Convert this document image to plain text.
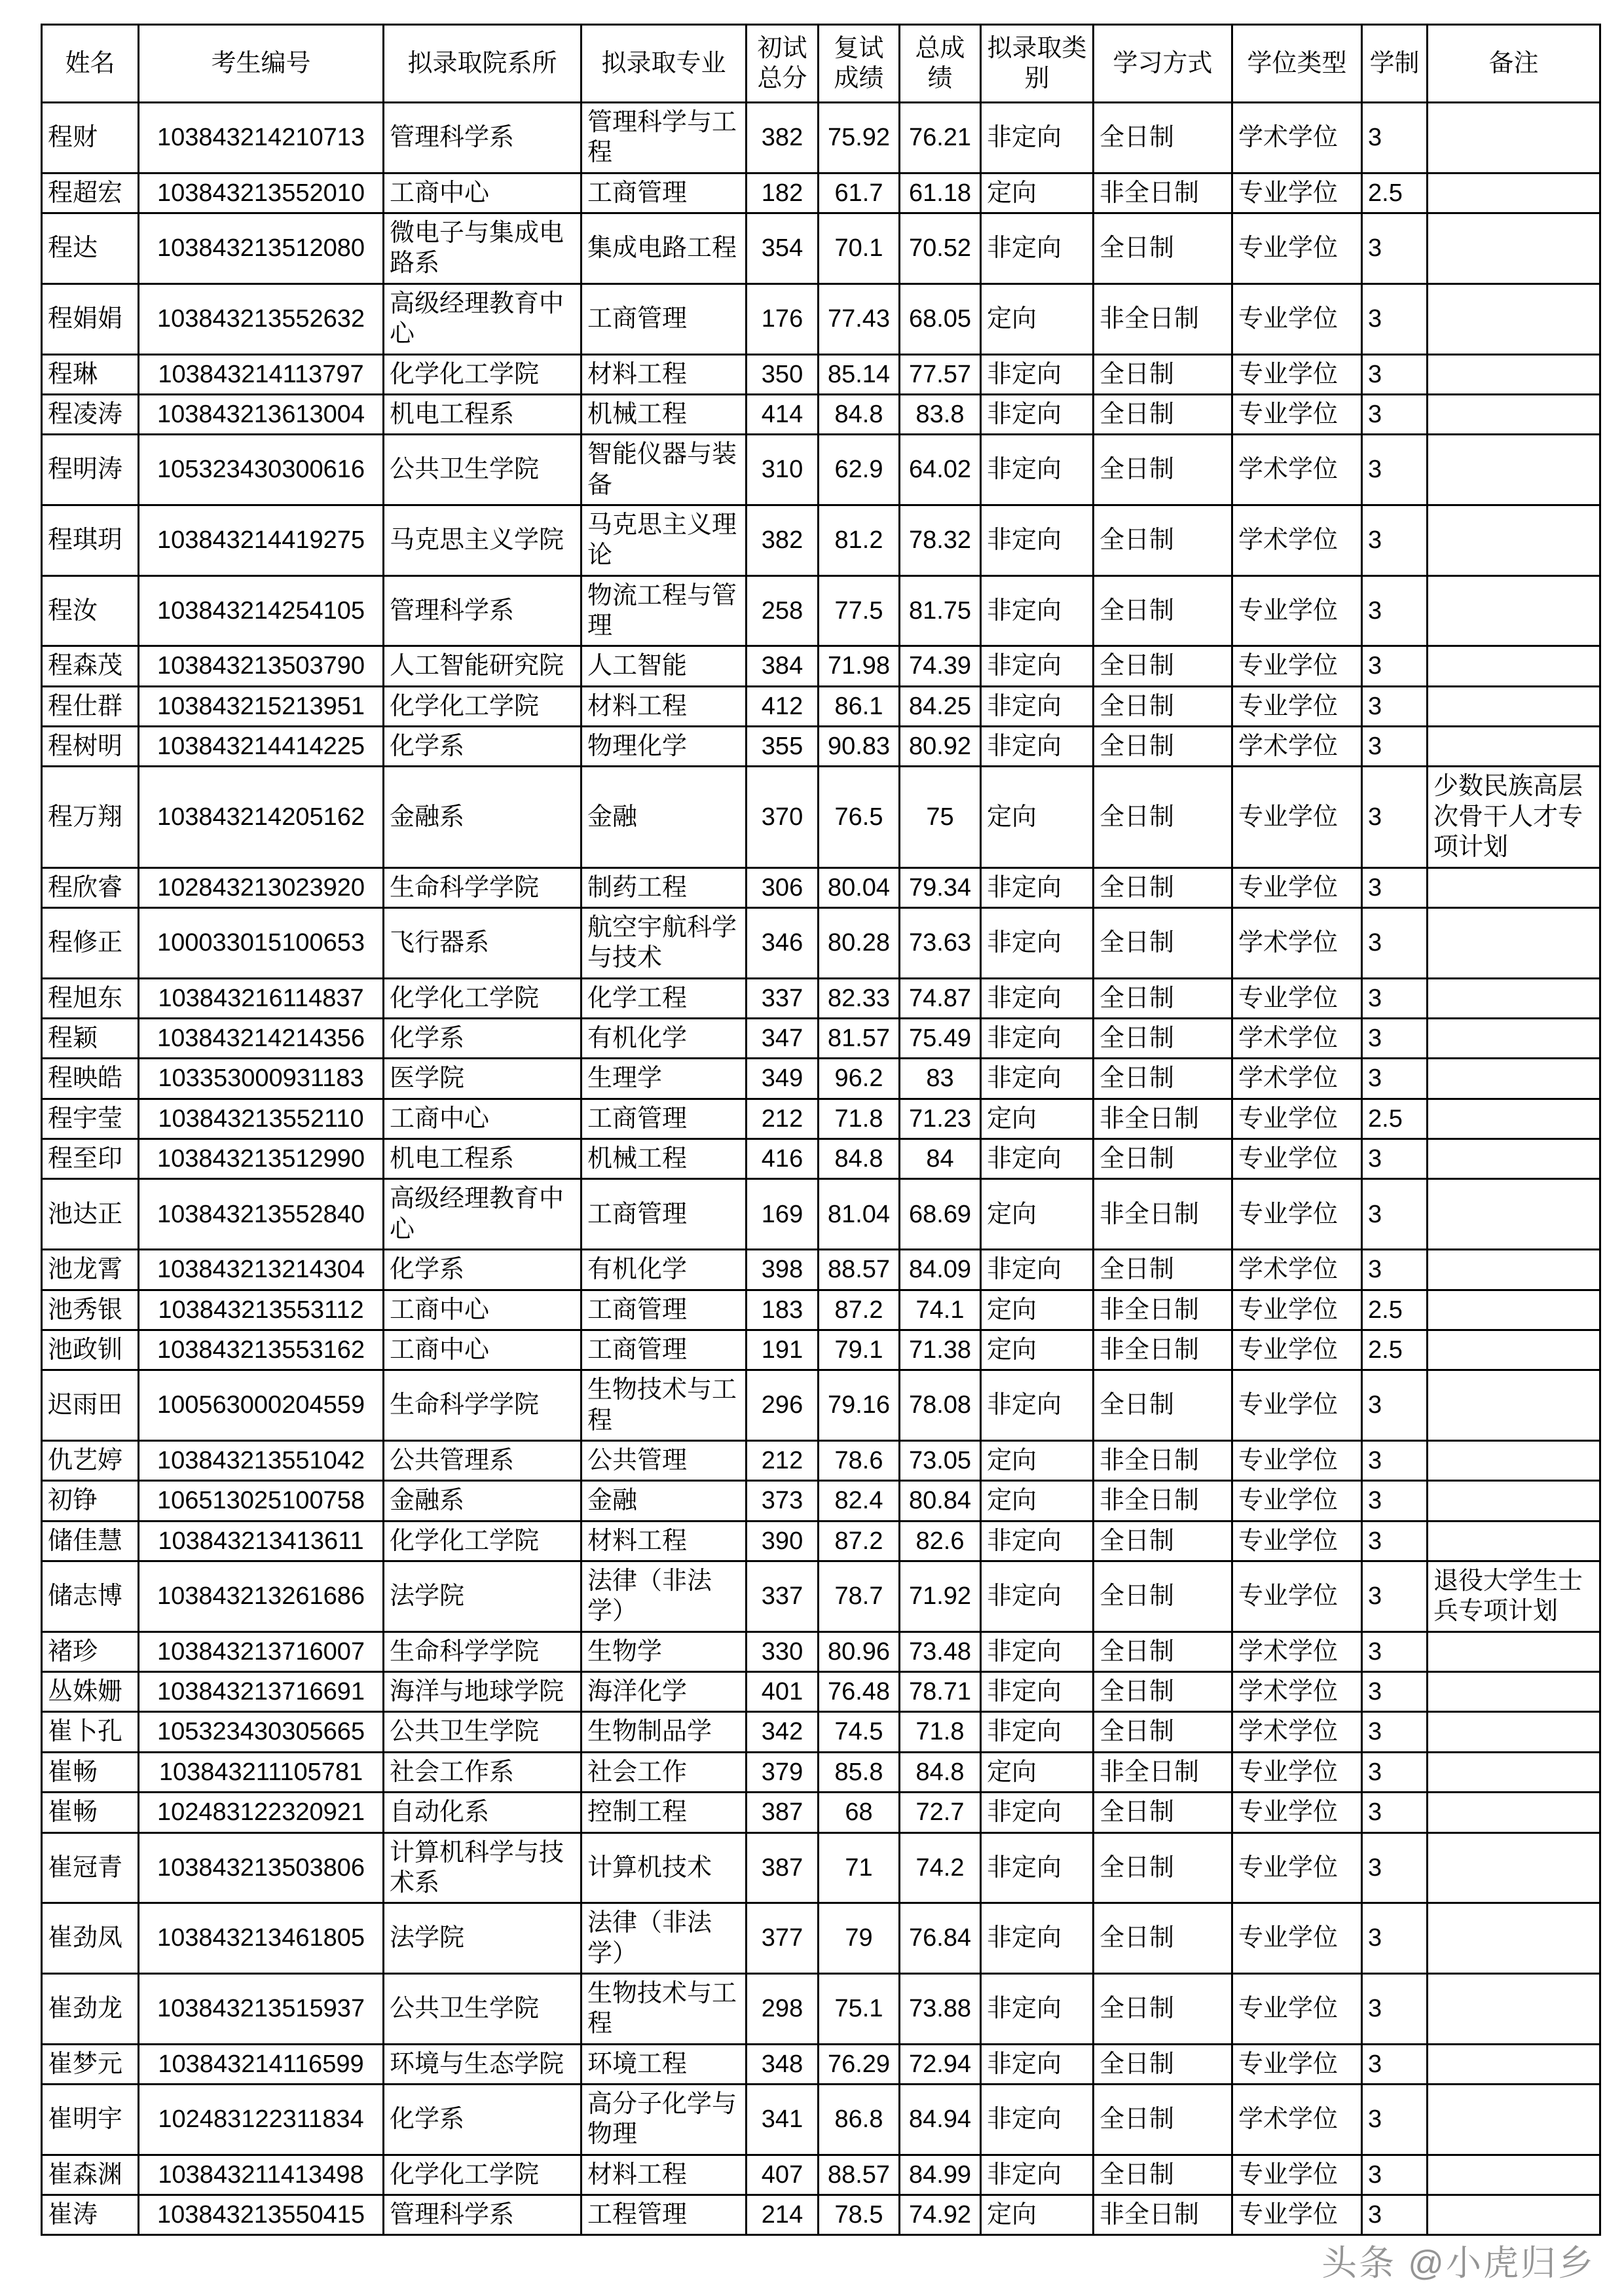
姓名	考生编号	拟录取院系所	拟录取专业	初试总分	复试成绩	总成绩	拟录取类别	学习方式	学位类型	学制	备注
程财	103843214210713	管理科学系	管理科学与工程	382	75.92	76.21	非定向	全日制	学术学位	3	
程超宏	103843213552010	工商中心	工商管理	182	61.7	61.18	定向	非全日制	专业学位	2.5	
程达	103843213512080	微电子与集成电路系	集成电路工程	354	70.1	70.52	非定向	全日制	专业学位	3	
程娟娟	103843213552632	高级经理教育中心	工商管理	176	77.43	68.05	定向	非全日制	专业学位	3	
程琳	103843214113797	化学化工学院	材料工程	350	85.14	77.57	非定向	全日制	专业学位	3	
程凌涛	103843213613004	机电工程系	机械工程	414	84.8	83.8	非定向	全日制	专业学位	3	
程明涛	105323430300616	公共卫生学院	智能仪器与装备	310	62.9	64.02	非定向	全日制	学术学位	3	
程琪玥	103843214419275	马克思主义学院	马克思主义理论	382	81.2	78.32	非定向	全日制	学术学位	3	
程汝	103843214254105	管理科学系	物流工程与管理	258	77.5	81.75	非定向	全日制	专业学位	3	
程森茂	103843213503790	人工智能研究院	人工智能	384	71.98	74.39	非定向	全日制	专业学位	3	
程仕群	103843215213951	化学化工学院	材料工程	412	86.1	84.25	非定向	全日制	专业学位	3	
程树明	103843214414225	化学系	物理化学	355	90.83	80.92	非定向	全日制	学术学位	3	
程万翔	103843214205162	金融系	金融	370	76.5	75	定向	全日制	专业学位	3	少数民族高层次骨干人才专项计划
程欣睿	102843213023920	生命科学学院	制药工程	306	80.04	79.34	非定向	全日制	专业学位	3	
程修正	100033015100653	飞行器系	航空宇航科学与技术	346	80.28	73.63	非定向	全日制	学术学位	3	
程旭东	103843216114837	化学化工学院	化学工程	337	82.33	74.87	非定向	全日制	专业学位	3	
程颖	103843214214356	化学系	有机化学	347	81.57	75.49	非定向	全日制	学术学位	3	
程映皓	103353000931183	医学院	生理学	349	96.2	83	非定向	全日制	学术学位	3	
程宇莹	103843213552110	工商中心	工商管理	212	71.8	71.23	定向	非全日制	专业学位	2.5	
程至印	103843213512990	机电工程系	机械工程	416	84.8	84	非定向	全日制	专业学位	3	
池达正	103843213552840	高级经理教育中心	工商管理	169	81.04	68.69	定向	非全日制	专业学位	3	
池龙霄	103843213214304	化学系	有机化学	398	88.57	84.09	非定向	全日制	学术学位	3	
池秀银	103843213553112	工商中心	工商管理	183	87.2	74.1	定向	非全日制	专业学位	2.5	
池政钏	103843213553162	工商中心	工商管理	191	79.1	71.38	定向	非全日制	专业学位	2.5	
迟雨田	100563000204559	生命科学学院	生物技术与工程	296	79.16	78.08	非定向	全日制	专业学位	3	
仇艺婷	103843213551042	公共管理系	公共管理	212	78.6	73.05	定向	非全日制	专业学位	3	
初铮	106513025100758	金融系	金融	373	82.4	80.84	定向	非全日制	专业学位	3	
储佳慧	103843213413611	化学化工学院	材料工程	390	87.2	82.6	非定向	全日制	专业学位	3	
储志博	103843213261686	法学院	法律（非法学）	337	78.7	71.92	非定向	全日制	专业学位	3	退役大学生士兵专项计划
褚珍	103843213716007	生命科学学院	生物学	330	80.96	73.48	非定向	全日制	学术学位	3	
丛姝姗	103843213716691	海洋与地球学院	海洋化学	401	76.48	78.71	非定向	全日制	学术学位	3	
崔卜孔	105323430305665	公共卫生学院	生物制品学	342	74.5	71.8	非定向	全日制	学术学位	3	
崔畅	103843211105781	社会工作系	社会工作	379	85.8	84.8	定向	非全日制	专业学位	3	
崔畅	102483122320921	自动化系	控制工程	387	68	72.7	非定向	全日制	专业学位	3	
崔冠青	103843213503806	计算机科学与技术系	计算机技术	387	71	74.2	非定向	全日制	专业学位	3	
崔劲凤	103843213461805	法学院	法律（非法学）	377	79	76.84	非定向	全日制	专业学位	3	
崔劲龙	103843213515937	公共卫生学院	生物技术与工程	298	75.1	73.88	非定向	全日制	专业学位	3	
崔梦元	103843214116599	环境与生态学院	环境工程	348	76.29	72.94	非定向	全日制	专业学位	3	
崔明宇	102483122311834	化学系	高分子化学与物理	341	86.8	84.94	非定向	全日制	学术学位	3	
崔森渊	103843211413498	化学化工学院	材料工程	407	88.57	84.99	非定向	全日制	专业学位	3	
崔涛	103843213550415	管理科学系	工程管理	214	78.5	74.92	定向	非全日制	专业学位	3	
头条 @小虎归乡
